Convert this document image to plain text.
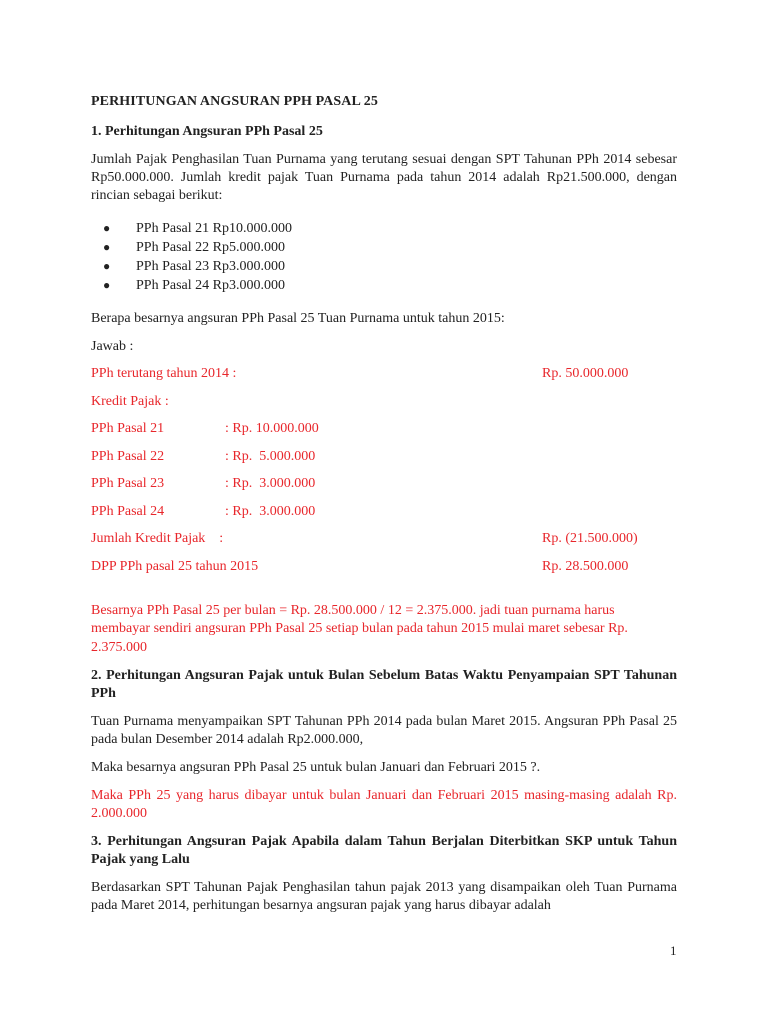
PERHITUNGAN ANGSURAN PPH PASAL 25
1. Perhitungan Angsuran PPh Pasal 25
Jumlah Pajak Penghasilan Tuan Purnama yang terutang sesuai dengan SPT Tahunan PPh 2014 sebesar Rp50.000.000. Jumlah kredit pajak Tuan Purnama pada tahun 2014 adalah Rp21.500.000, dengan rincian sebagai berikut:
● PPh Pasal 21 Rp10.000.000
● PPh Pasal 22 Rp5.000.000
● PPh Pasal 23 Rp3.000.000
● PPh Pasal 24 Rp3.000.000
Berapa besarnya angsuran PPh Pasal 25 Tuan Purnama untuk tahun 2015:
Jawab :
PPh terutang tahun 2014 :	Rp. 50.000.000
Kredit Pajak :
PPh Pasal 21	: Rp. 10.000.000
PPh Pasal 22	: Rp.  5.000.000
PPh Pasal 23	: Rp.  3.000.000
PPh Pasal 24	: Rp.  3.000.000
Jumlah Kredit Pajak    :	Rp. (21.500.000)
DPP PPh pasal 25 tahun 2015	Rp. 28.500.000
Besarnya PPh Pasal 25 per bulan = Rp. 28.500.000 / 12 = 2.375.000. jadi tuan purnama harus membayar sendiri angsuran PPh Pasal 25 setiap bulan pada tahun 2015 mulai maret sebesar Rp. 2.375.000
2. Perhitungan Angsuran Pajak untuk Bulan Sebelum Batas Waktu Penyampaian SPT Tahunan PPh
Tuan Purnama menyampaikan SPT Tahunan PPh 2014 pada bulan Maret 2015. Angsuran PPh Pasal 25 pada bulan Desember 2014 adalah Rp2.000.000,
Maka besarnya angsuran PPh Pasal 25 untuk bulan Januari dan Februari 2015 ?.
Maka PPh 25 yang harus dibayar untuk bulan Januari dan Februari 2015 masing-masing adalah Rp. 2.000.000
3. Perhitungan Angsuran Pajak Apabila dalam Tahun Berjalan Diterbitkan SKP untuk Tahun Pajak yang Lalu
Berdasarkan SPT Tahunan Pajak Penghasilan tahun pajak 2013 yang disampaikan oleh Tuan Purnama pada Maret 2014, perhitungan besarnya angsuran pajak yang harus dibayar adalah
1
